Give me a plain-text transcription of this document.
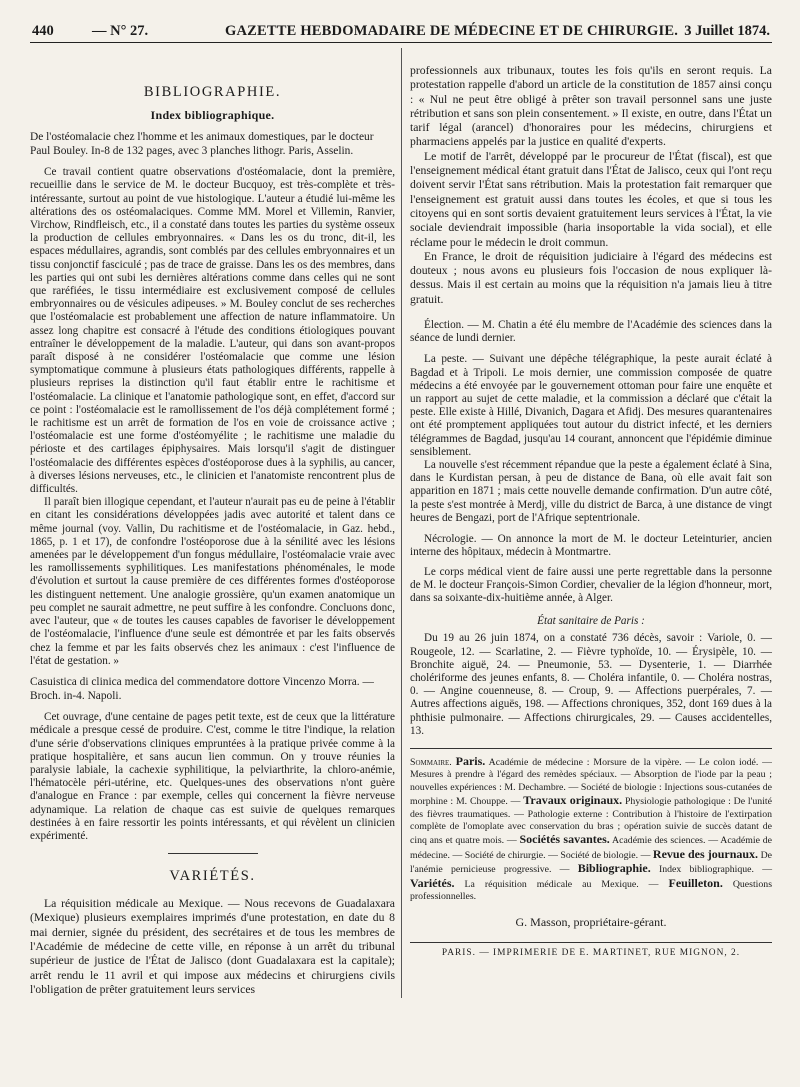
440	— N° 27.	GAZETTE HEBDOMADAIRE DE MÉDECINE ET DE CHIRURGIE. 3 Juillet 1874.

BIBLIOGRAPHIE.

Index bibliographique.

De l'ostéomalacie chez l'homme et les animaux domestiques, par le docteur Paul Bouley. In-8 de 132 pages, avec 3 planches lithogr. Paris, Asselin.

Ce travail contient quatre observations d'ostéomalacie, dont la première, recueillie dans le service de M. le docteur Bucquoy, est très-complète et très-intéressante, surtout au point de vue histologique. L'auteur a étudié lui-même les altérations des os ostéomalaciques. Comme MM. Morel et Villemin, Ranvier, Virchow, Rindfleisch, etc., il a constaté dans toutes les parties du système osseux la production de cellules embryonnaires. « Dans les os du tronc, dit-il, les espaces médullaires, agrandis, sont comblés par des cellules embryonnaires et un tissu conjonctif fasciculé ; pas de trace de graisse. Dans les os des membres, dans les parties qui ont subi les dernières altérations comme dans celles qui ne sont que raréfiées, le tissu intermédiaire est exclusivement composé de cellules embryonnaires ou de vésicules adipeuses. » M. Bouley conclut de ses recherches que l'ostéomalacie est probablement une affection de nature inflammatoire. Un assez long chapitre est consacré à l'étude des conditions étiologiques pouvant entraîner le développement de la maladie. L'auteur, qui dans son avant-propos paraît disposé à ne considérer l'ostéomalacie que comme une lésion symptomatique commune à plusieurs états pathologiques différents, rappelle à plusieurs reprises la distinction qu'il faut établir entre le rachitisme et l'ostéomalacie. La clinique et l'anatomie pathologique sont, en effet, d'accord sur ce point : l'ostéomalacie est le ramollissement de l'os déjà complétement formé ; le rachitisme est un arrêt de formation de l'os en voie de croissance active ; l'ostéomalacie est une forme d'ostéomyélite ; le rachitisme une maladie du périoste et des cartilages épiphysaires. Mais lorsqu'il s'agit de distinguer l'ostéomalacie des différentes espèces d'ostéoporose dues à la syphilis, au cancer, à diverses lésions nerveuses, etc., le clinicien et l'anatomiste rencontrent plus de difficultés.

Il paraît bien illogique cependant, et l'auteur n'aurait pas eu de peine à l'établir en citant les considérations développées jadis avec autorité et talent dans ce même journal (voy. Vallin, Du rachitisme et de l'ostéomalacie, in Gaz. hebd., 1865, p. 1 et 17), de confondre l'ostéoporose due à la sénilité avec les lésions amenées par le développement d'un fongus médullaire, l'ostéomalacie vraie avec les ramollissements syphilitiques. Les manifestations phénoménales, le mode d'évolution et surtout la cause première de ces différentes formes d'ostéoporose les distinguent nettement. Une analogie grossière, qu'un examen anatomique un peu complet ne saurait admettre, ne peut suffire à les confondre. Concluons donc, avec l'auteur, que « de toutes les causes capables de favoriser le développement de l'ostéomalacie, l'influence d'une seule est démontrée et par les faits observés chez la femme et par les faits observés chez les animaux : c'est l'influence de l'état de gestation. »

Casuistica di clinica medica del commendatore dottore Vincenzo Morra. — Broch. in-4. Napoli.

Cet ouvrage, d'une centaine de pages petit texte, est de ceux que la littérature médicale a presque cessé de produire. C'est, comme le titre l'indique, la relation d'une série d'observations cliniques empruntées à la pratique privée comme à la pratique hospitalière, et sans aucun lien commun. On y trouve réunies la paralysie labiale, la cachexie syphilitique, la pelviarthrite, la chloro-anémie, l'hématocèle péri-utérine, etc. Quelques-unes des observations n'ont guère d'analogue en France : par exemple, celles qui concernent la fièvre nerveuse adynamique. La relation de chaque cas est suivie de quelques remarques destinées à en faire ressortir les points intéressants, et qui révèlent un clinicien expérimenté.

VARIÉTÉS.

La réquisition médicale au Mexique. — Nous recevons de Guadalaxara (Mexique) plusieurs exemplaires imprimés d'une protestation, en date du 8 mai dernier, signée du président, des secrétaires et de tous les membres de l'Académie de médecine de cette ville, en réponse à un arrêt du tribunal supérieur de justice de l'État de Jalisco (dont Guadalaxara est la capitale); arrêt rendu le 11 avril et qui impose aux médecins et chirurgiens civils l'obligation de prêter gratuitement leurs services

professionnels aux tribunaux, toutes les fois qu'ils en seront requis. La protestation rappelle d'abord un article de la constitution de 1857 ainsi conçu : « Nul ne peut être obligé à prêter son travail personnel sans une juste rétribution et sans son plein consentement. » Il existe, en outre, dans l'État un tarif légal (arancel) d'honoraires pour les médecins, chirurgiens et pharmaciens appelés par la justice en qualité d'experts.

Le motif de l'arrêt, développé par le procureur de l'État (fiscal), est que l'enseignement médical étant gratuit dans l'État de Jalisco, ceux qui l'ont reçu doivent servir l'État sans rétribution. Mais la protestation fait remarquer que l'enseignement est gratuit aussi dans toutes les écoles, et que si tous les citoyens qui en sont sortis devaient gratuitement leurs services à l'État, la vie sociale deviendrait impossible (haria insoportable la vida social), et elle réclame pour le médecin le droit commun.

En France, le droit de réquisition judiciaire à l'égard des médecins est douteux ; nous avons eu plusieurs fois l'occasion de nous expliquer là-dessus. Mais il est certain au moins que la réquisition n'a jamais lieu à titre gratuit.

Élection. — M. Chatin a été élu membre de l'Académie des sciences dans la séance de lundi dernier.

La peste. — Suivant une dépêche télégraphique, la peste aurait éclaté à Bagdad et à Tripoli. Le mois dernier, une commission composée de quatre médecins a été envoyée par le gouvernement ottoman pour faire une enquête et un rapport au sujet de cette maladie, et la commission a déclaré que c'était la peste. Elle existe à Hillé, Divanich, Dagara et Afidj. Des mesures quarantenaires ont été promptement appliquées tout autour du district infecté, et les derniers télégrammes de Bagdad, jusqu'au 14 courant, annoncent que l'épidémie diminue sensiblement.

La nouvelle s'est récemment répandue que la peste a également éclaté à Sina, dans le Kurdistan persan, à peu de distance de Bana, où elle avait fait son apparition en 1871 ; mais cette nouvelle demande confirmation. D'un autre côté, la peste s'est montrée à Merdj, ville du district de Barca, à une distance de vingt heures de Bengazi, port de l'Afrique septentrionale.

Nécrologie. — On annonce la mort de M. le docteur Leteinturier, ancien interne des hôpitaux, médecin à Montmartre.

Le corps médical vient de faire aussi une perte regrettable dans la personne de M. le docteur François-Simon Cordier, chevalier de la légion d'honneur, mort, dans sa soixante-dix-huitième année, à Alger.

État sanitaire de Paris :

Du 19 au 26 juin 1874, on a constaté 736 décès, savoir : Variole, 0. — Rougeole, 12. — Scarlatine, 2. — Fièvre typhoïde, 10. — Érysipèle, 10. — Bronchite aiguë, 24. — Pneumonie, 53. — Dysenterie, 1. — Diarrhée cholériforme des jeunes enfants, 8. — Choléra infantile, 0. — Choléra nostras, 0. — Angine couenneuse, 8. — Croup, 9. — Affections puerpérales, 7. — Autres affections aiguës, 198. — Affections chroniques, 352, dont 169 dues à la phthisie pulmonaire. — Affections chirurgicales, 29. — Causes accidentelles, 13.

Sommaire. Paris. Académie de médecine : Morsure de la vipère. — Le colon iodé. — Mesures à prendre à l'égard des remèdes spéciaux. — Absorption de l'iode par la peau ; nouvelles expériences : M. Dechambre. — Société de biologie : Injections sous-cutanées de morphine : M. Chouppe. — Travaux originaux. Physiologie pathologique : De l'unité des fièvres traumatiques. — Pathologie externe : Contribution à l'histoire de l'extirpation complète de l'omoplate avec conservation du bras ; opération suivie de succès datant de cinq ans et quatre mois. — Sociétés savantes. Académie des sciences. — Académie de médecine. — Société de chirurgie. — Société de biologie. — Revue des journaux. De l'anémie pernicieuse progressive. — Bibliographie. Index bibliographique. — Variétés. La réquisition médicale au Mexique. — Feuilleton. Questions professionnelles.

G. Masson, propriétaire-gérant.

PARIS. — IMPRIMERIE DE E. MARTINET, RUE MIGNON, 2.
